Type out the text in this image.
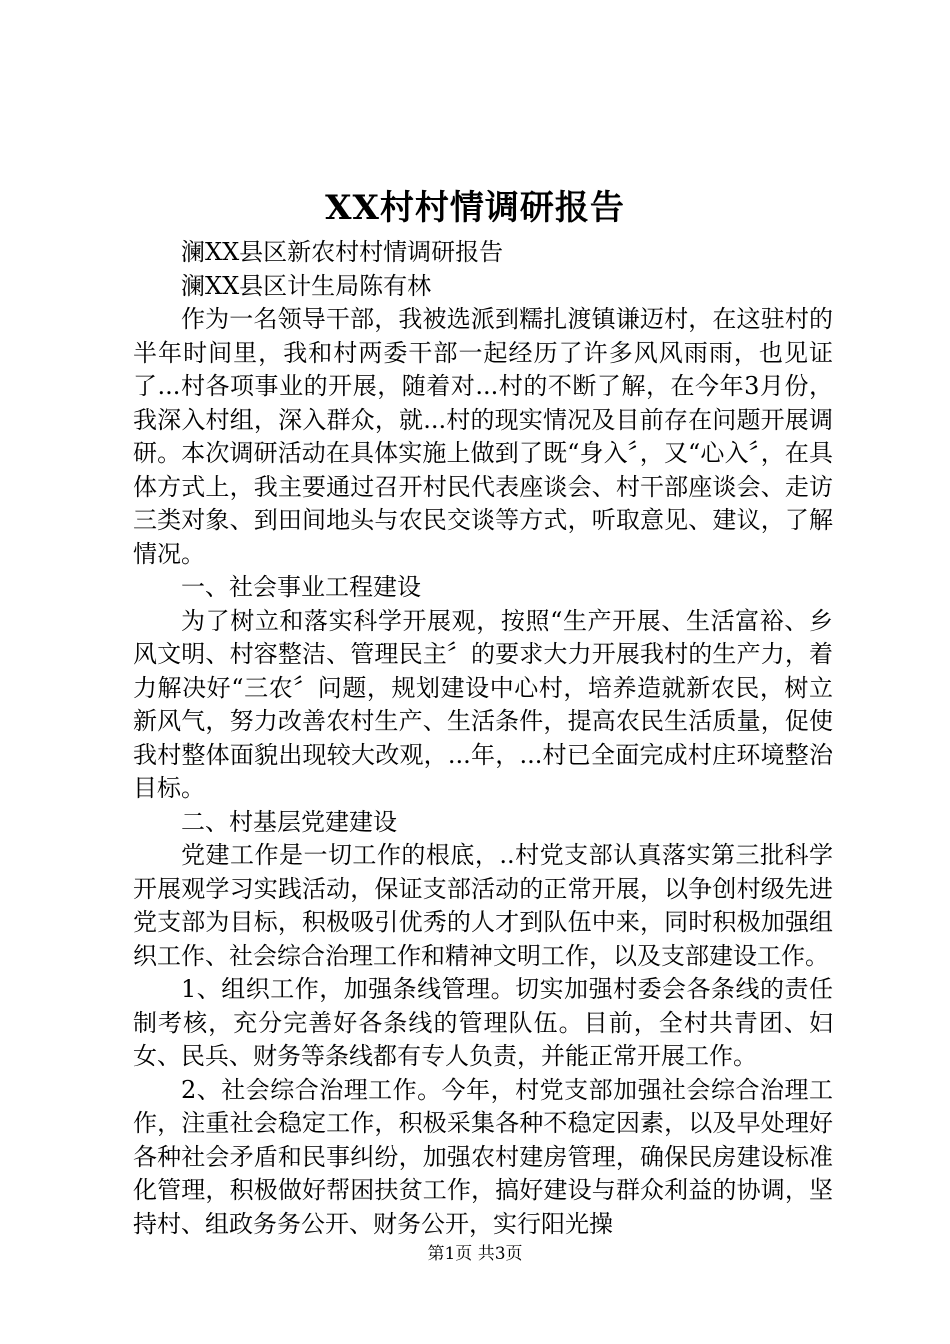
XX村村情调研报告

澜XX县区新农村村情调研报告

澜XX县区计生局陈有林

作为一名领导干部，我被选派到糯扎渡镇谦迈村，在这驻村的半年时间里，我和村两委干部一起经历了许多风风雨雨，也见证了...村各项事业的开展，随着对...村的不断了解，在今年3月份，我深入村组，深入群众，就...村的现实情况及目前存在问题开展调研。本次调研活动在具体实施上做到了既“身入〞，又“心入〞，在具体方式上，我主要通过召开村民代表座谈会、村干部座谈会、走访三类对象、到田间地头与农民交谈等方式，听取意见、建议，了解情况。

一、社会事业工程建设

为了树立和落实科学开展观，按照“生产开展、生活富裕、乡风文明、村容整洁、管理民主〞的要求大力开展我村的生产力，着力解决好“三农〞问题，规划建设中心村，培养造就新农民，树立新风气，努力改善农村生产、生活条件，提高农民生活质量，促使我村整体面貌出现较大改观，...年，...村已全面完成村庄环境整治目标。

二、村基层党建建设

党建工作是一切工作的根底，..村党支部认真落实第三批科学开展观学习实践活动，保证支部活动的正常开展，以争创村级先进党支部为目标，积极吸引优秀的人才到队伍中来，同时积极加强组织工作、社会综合治理工作和精神文明工作，以及支部建设工作。

1、组织工作，加强条线管理。切实加强村委会各条线的责任制考核，充分完善好各条线的管理队伍。目前，全村共青团、妇女、民兵、财务等条线都有专人负责，并能正常开展工作。

2、社会综合治理工作。今年，村党支部加强社会综合治理工作，注重社会稳定工作，积极采集各种不稳定因素，以及早处理好各种社会矛盾和民事纠纷，加强农村建房管理，确保民房建设标准化管理，积极做好帮困扶贫工作，搞好建设与群众利益的协调，坚持村、组政务务公开、财务公开，实行阳光操

第1页 共3页
